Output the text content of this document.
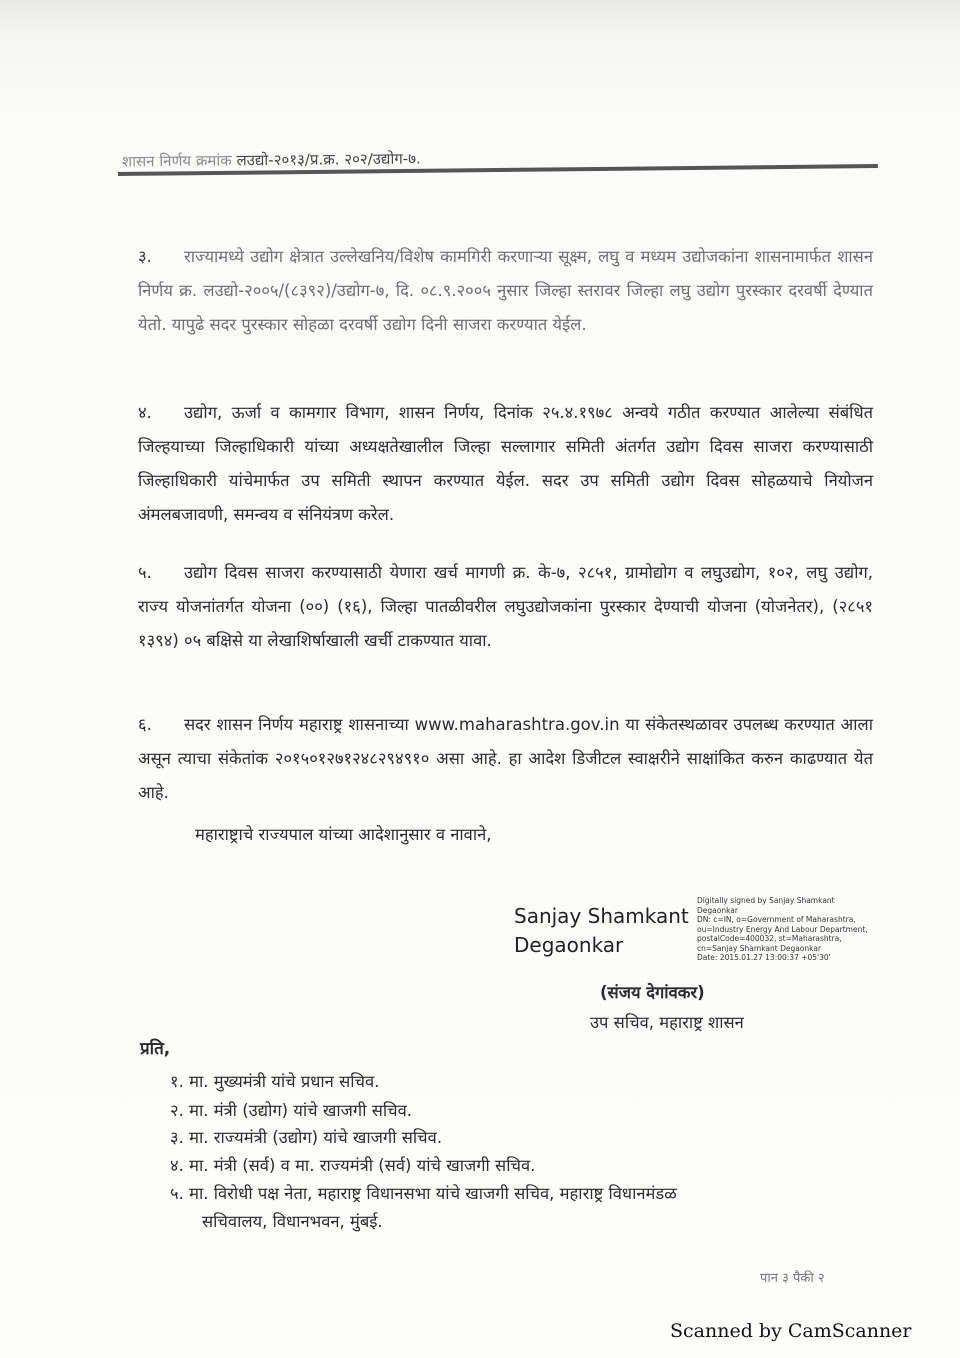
शासन निर्णय क्रमांक लउद्यो-२०१३/प्र.क्र. २०२/उद्योग-७.
३. राज्यामध्ये उद्योग क्षेत्रात उल्लेखनिय/विशेष कामगिरी करणाऱ्या सूक्ष्म, लघु व मध्यम उद्योजकांना शासनामार्फत शासन निर्णय क्र. लउद्यो-२००५/(८३९२)/उद्योग-७, दि. ०८.९.२००५ नुसार जिल्हा स्तरावर जिल्हा लघु उद्योग पुरस्कार दरवर्षी देण्यात येतो. यापुढे सदर पुरस्कार सोहळा दरवर्षी उद्योग दिनी साजरा करण्यात येईल.
४. उद्योग, ऊर्जा व कामगार विभाग, शासन निर्णय, दिनांक २५.४.१९७८ अन्वये गठीत करण्यात आलेल्या संबंधित जिल्हयाच्या जिल्हाधिकारी यांच्या अध्यक्षतेखालील जिल्हा सल्लागार समिती अंतर्गत उद्योग दिवस साजरा करण्यासाठी जिल्हाधिकारी यांचेमार्फत उप समिती स्थापन करण्यात येईल. सदर उप समिती उद्योग दिवस सोहळयाचे नियोजन अंमलबजावणी, समन्वय व संनियंत्रण करेल.
५. उद्योग दिवस साजरा करण्यासाठी येणारा खर्च मागणी क्र. के-७, २८५१, ग्रामोद्योग व लघुउद्योग, १०२, लघु उद्योग, राज्य योजनांतर्गत योजना (००) (१६), जिल्हा पातळीवरील लघुउद्योजकांना पुरस्कार देण्याची योजना (योजनेतर), (२८५१ १३९४) ०५ बक्षिसे या लेखाशिर्षाखाली खर्ची टाकण्यात यावा.
६. सदर शासन निर्णय महाराष्ट्र शासनाच्या www.maharashtra.gov.in या संकेतस्थळावर उपलब्ध करण्यात आला असून त्याचा संकेतांक २०१५०१२७१२४८२९४९१० असा आहे. हा आदेश डिजीटल स्वाक्षरीने साक्षांकित करुन काढण्यात येत आहे.
महाराष्ट्राचे राज्यपाल यांच्या आदेशानुसार व नावाने,
Sanjay Shamkant
Degaonkar
Digitally signed by Sanjay Shamkant
Degaonkar
DN: c=IN, o=Government of Maharashtra,
ou=Industry Energy And Labour Department,
postalCode=400032, st=Maharashtra,
cn=Sanjay Shamkant Degaonkar
Date: 2015.01.27 13:00:37 +05'30'
(संजय देगांवकर)
उप सचिव, महाराष्ट्र शासन
प्रति,
१. मा. मुख्यमंत्री यांचे प्रधान सचिव.
२. मा. मंत्री (उद्योग) यांचे खाजगी सचिव.
३. मा. राज्यमंत्री (उद्योग) यांचे खाजगी सचिव.
४. मा. मंत्री (सर्व) व मा. राज्यमंत्री (सर्व) यांचे खाजगी सचिव.
५. मा. विरोधी पक्ष नेता, महाराष्ट्र विधानसभा यांचे खाजगी सचिव, महाराष्ट्र विधानमंडळ
सचिवालय, विधानभवन, मुंबई.
पान ३ पैकी २
Scanned by CamScanner
